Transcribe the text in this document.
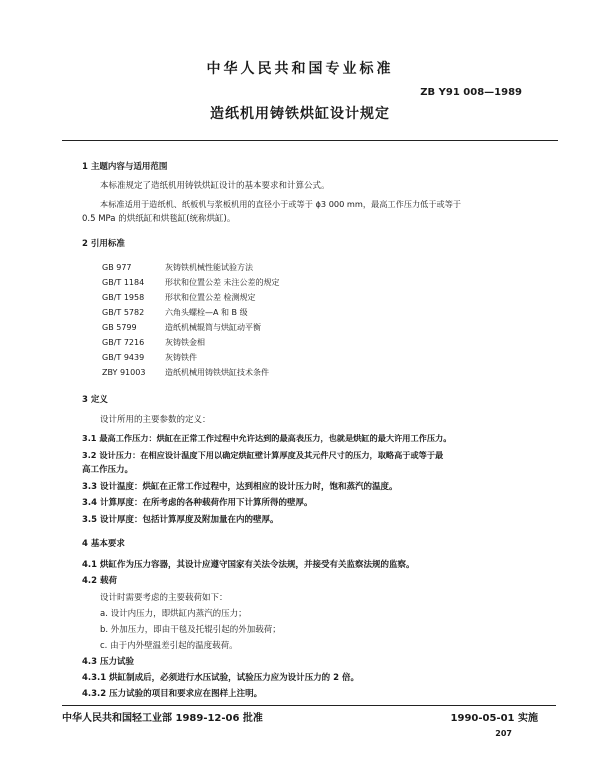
中华人民共和国专业标准
ZB Y91 008—1989
造纸机用铸铁烘缸设计规定
1 主题内容与适用范围
本标准规定了造纸机用铸铁烘缸设计的基本要求和计算公式。
本标准适用于造纸机、纸板机与浆板机用的直径小于或等于 ϕ3 000 mm，最高工作压力低于或等于
0.5 MPa 的烘纸缸和烘毯缸(统称烘缸)。
2 引用标准
GB 977	灰铸铁机械性能试验方法
GB/T 1184	形状和位置公差 未注公差的规定
GB/T 1958	形状和位置公差 检测规定
GB/T 5782	六角头螺栓—A 和 B 级
GB 5799	造纸机械辊筒与烘缸动平衡
GB/T 7216	灰铸铁金相
GB/T 9439	灰铸铁件
ZBY 91003 造纸机械用铸铁烘缸技术条件
3 定义
设计所用的主要参数的定义：
3.1 最高工作压力：烘缸在正常工作过程中允许达到的最高表压力，也就是烘缸的最大许用工作压力。
3.2 设计压力：在相应设计温度下用以确定烘缸壁计算厚度及其元件尺寸的压力，取略高于或等于最
高工作压力。
3.3 设计温度：烘缸在正常工作过程中，达到相应的设计压力时，饱和蒸汽的温度。
3.4 计算厚度：在所考虑的各种载荷作用下计算所得的壁厚。
3.5 设计厚度：包括计算厚度及附加量在内的壁厚。
4 基本要求
4.1 烘缸作为压力容器，其设计应遵守国家有关法令法规，并接受有关监察法规的监察。
4.2 载荷
设计时需要考虑的主要载荷如下：
a. 设计内压力，即烘缸内蒸汽的压力；
b. 外加压力，即由干毯及托辊引起的外加载荷；
c. 由于内外壁温差引起的温度载荷。
4.3 压力试验
4.3.1 烘缸制成后，必须进行水压试验，试验压力应为设计压力的 2 倍。
4.3.2 压力试验的项目和要求应在图样上注明。
中华人民共和国轻工业部 1989-12-06 批准	1990-05-01 实施
207
